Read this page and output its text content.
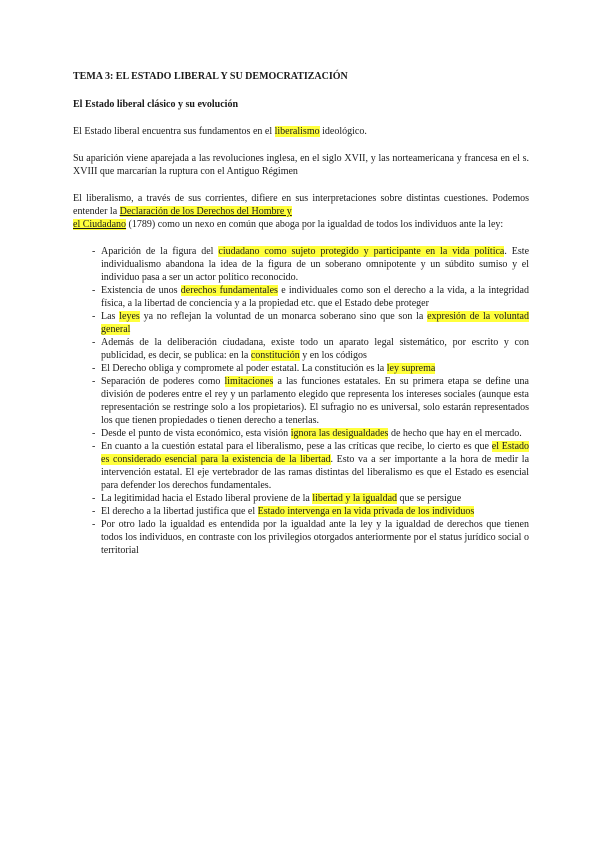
TEMA 3: EL ESTADO LIBERAL Y SU DEMOCRATIZACIÓN
El Estado liberal clásico y su evolución

El Estado liberal encuentra sus fundamentos en el liberalismo ideológico.

Su aparición viene aparejada a las revoluciones inglesa, en el siglo XVII, y las norteamericana y francesa en el s. XVIII que marcarían la ruptura con el Antiguo Régimen

El liberalismo, a través de sus corrientes, difiere en sus interpretaciones sobre distintas cuestiones. Podemos entender la Declaración de los Derechos del Hombre y
el Ciudadano (1789) como un nexo en común que aboga por la igualdad de todos los individuos ante la ley:

- Aparición de la figura del ciudadano como sujeto protegido y participante en la vida política. Este individualismo abandona la idea de la figura de un soberano omnipotente y un súbdito sumiso y el individuo pasa a ser un actor político reconocido.
- Existencia de unos derechos fundamentales e individuales como son el derecho a la vida, a la integridad física, a la libertad de conciencia y a la propiedad etc. que el Estado debe proteger
- Las leyes ya no reflejan la voluntad de un monarca soberano sino que son la expresión de la voluntad general
- Además de la deliberación ciudadana, existe todo un aparato legal sistemático, por escrito y con publicidad, es decir, se publica: en la constitución y en los códigos
- El Derecho obliga y compromete al poder estatal. La constitución es la ley suprema
- Separación de poderes como limitaciones a las funciones estatales. En su primera etapa se define una división de poderes entre el rey y un parlamento elegido que representa los intereses sociales (aunque esta representación se restringe solo a los propietarios). El sufragio no es universal, solo estarán representados los que tienen propiedades o tienen derecho a tenerlas.
- Desde el punto de vista económico, esta visión ignora las desigualdades de hecho que hay en el mercado.
- En cuanto a la cuestión estatal para el liberalismo, pese a las críticas que recibe, lo cierto es que el Estado es considerado esencial para la existencia de la libertad. Esto va a ser importante a la hora de medir la intervención estatal. El eje vertebrador de las ramas distintas del liberalismo es que el Estado es esencial para defender los derechos fundamentales.
- La legitimidad hacia el Estado liberal proviene de la libertad y la igualdad que se persigue
- El derecho a la libertad justifica que el Estado intervenga en la vida privada de los individuos
- Por otro lado la igualdad es entendida por la igualdad ante la ley y la igualdad de derechos que tienen todos los individuos, en contraste con los privilegios otorgados anteriormente por el status jurídico social o territorial
